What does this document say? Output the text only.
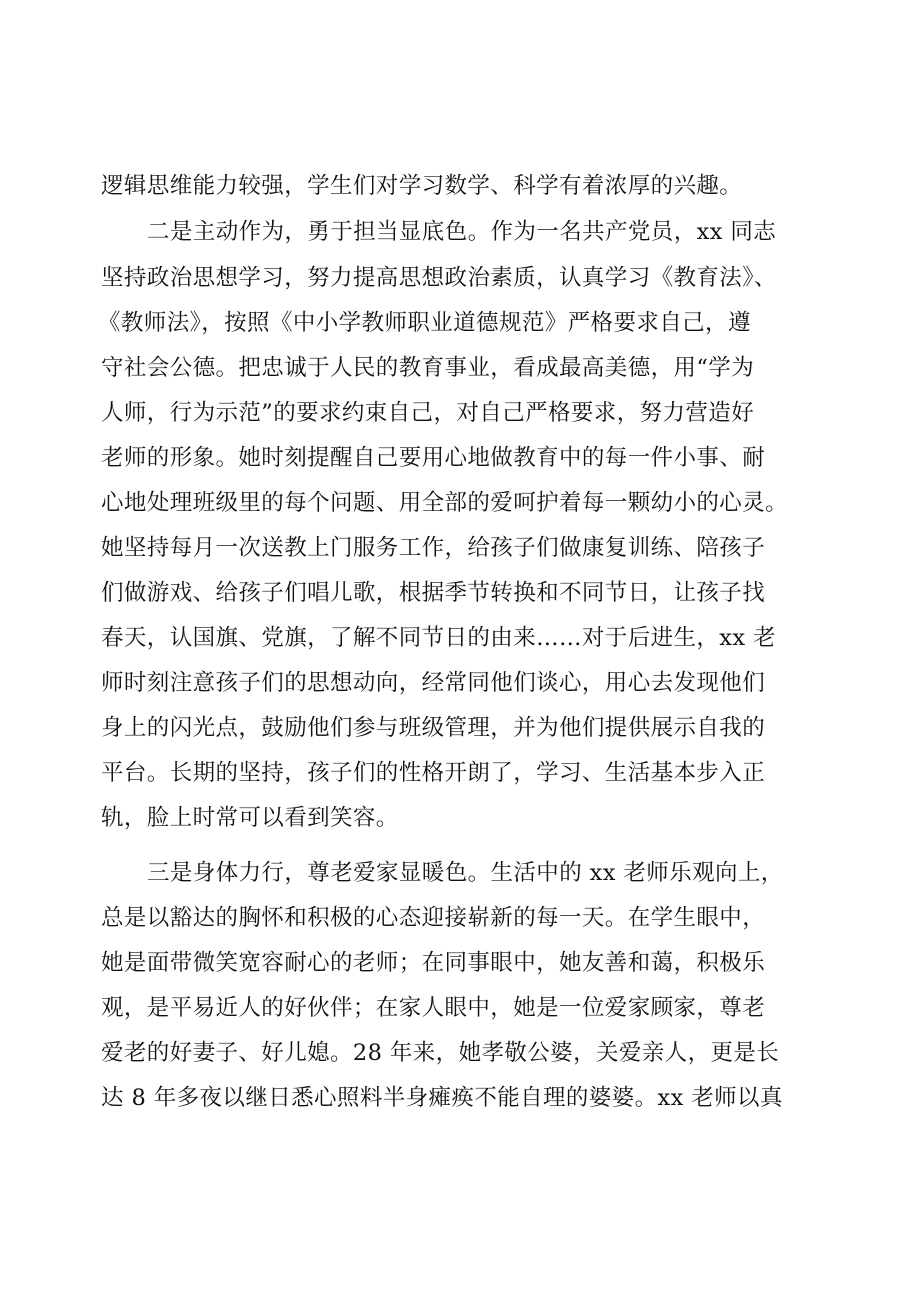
逻辑思维能力较强，学生们对学习数学、科学有着浓厚的兴趣。
二是主动作为，勇于担当显底色。作为一名共产党员，xx 同志
坚持政治思想学习，努力提高思想政治素质，认真学习《教育法》、
《教师法》，按照《中小学教师职业道德规范》严格要求自己，遵
守社会公德。把忠诚于人民的教育事业，看成最高美德，用“学为
人师，行为示范”的要求约束自己，对自己严格要求，努力营造好
老师的形象。她时刻提醒自己要用心地做教育中的每一件小事、耐
心地处理班级里的每个问题、用全部的爱呵护着每一颗幼小的心灵。
她坚持每月一次送教上门服务工作，给孩子们做康复训练、陪孩子
们做游戏、给孩子们唱儿歌，根据季节转换和不同节日，让孩子找
春天，认国旗、党旗，了解不同节日的由来……对于后进生，xx 老
师时刻注意孩子们的思想动向，经常同他们谈心，用心去发现他们
身上的闪光点，鼓励他们参与班级管理，并为他们提供展示自我的
平台。长期的坚持，孩子们的性格开朗了，学习、生活基本步入正
轨，脸上时常可以看到笑容。
三是身体力行，尊老爱家显暖色。生活中的 xx 老师乐观向上，
总是以豁达的胸怀和积极的心态迎接崭新的每一天。在学生眼中，
她是面带微笑宽容耐心的老师；在同事眼中，她友善和蔼，积极乐
观，是平易近人的好伙伴；在家人眼中，她是一位爱家顾家，尊老
爱老的好妻子、好儿媳。28 年来，她孝敬公婆，关爱亲人，更是长
达 8 年多夜以继日悉心照料半身瘫痪不能自理的婆婆。xx 老师以真
